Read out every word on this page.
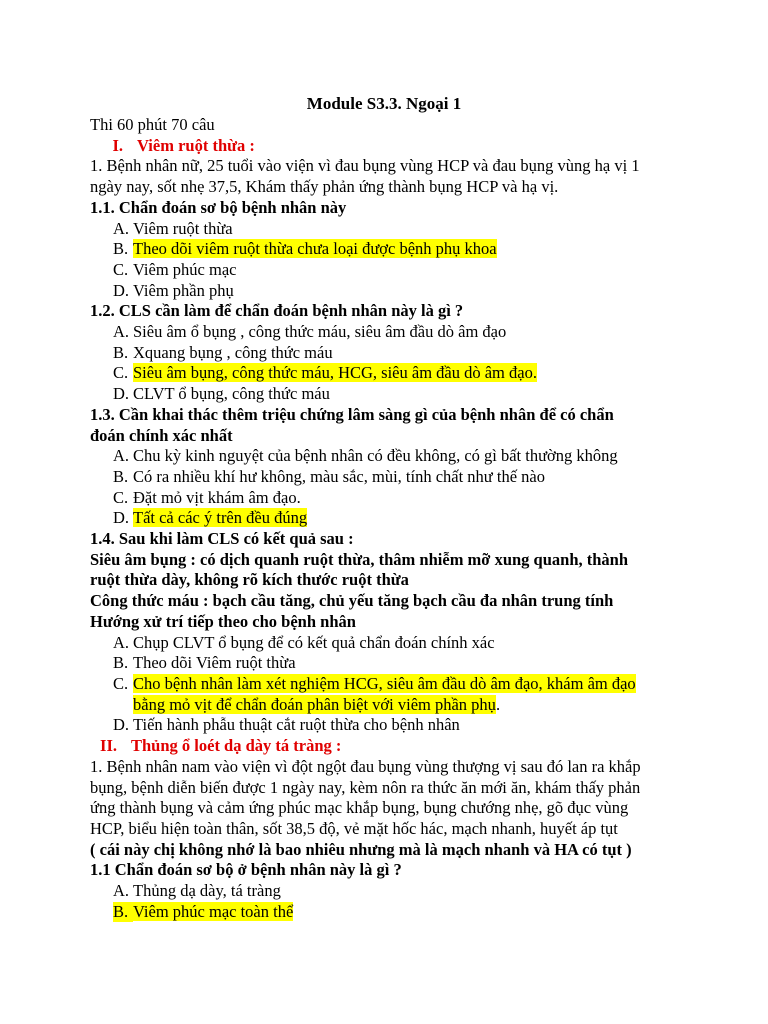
Module S3.3. Ngoại 1

Thi 60 phút 70 câu

I. Viêm ruột thừa :

1. Bệnh nhân nữ, 25 tuổi vào viện vì đau bụng vùng HCP và đau bụng vùng hạ vị 1

ngày nay, sốt nhẹ 37,5, Khám thấy phản ứng thành bụng HCP và hạ vị.

1.1. Chẩn đoán sơ bộ bệnh nhân này

A. Viêm ruột thừa
B. Theo dõi viêm ruột thừa chưa loại được bệnh phụ khoa
C. Viêm phúc mạc
D. Viêm phần phụ

1.2. CLS cần làm để chẩn đoán bệnh nhân này là gì ?

A. Siêu âm ổ bụng , công thức máu, siêu âm đầu dò âm đạo
B. Xquang bụng , công thức máu
C. Siêu âm bụng, công thức máu, HCG, siêu âm đầu dò âm đạo.
D. CLVT ổ bụng, công thức máu

1.3. Cần khai thác thêm triệu chứng lâm sàng gì của bệnh nhân để có chẩn

đoán chính xác nhất

A. Chu kỳ kinh nguyệt của bệnh nhân có đều không, có gì bất thường không
B. Có ra nhiều khí hư không, màu sắc, mùi, tính chất như thế nào
C. Đặt mỏ vịt khám âm đạo.
D. Tất cả các ý trên đều đúng

1.4. Sau khi làm CLS có kết quả sau :

Siêu âm bụng : có dịch quanh ruột thừa, thâm nhiễm mỡ xung quanh, thành

ruột thừa dày, không rõ kích thước ruột thừa

Công thức máu : bạch cầu tăng, chủ yếu tăng bạch cầu đa nhân trung tính

Hướng xử trí tiếp theo cho bệnh nhân

A. Chụp CLVT ổ bụng để có kết quả chẩn đoán chính xác
B. Theo dõi Viêm ruột thừa
C. Cho bệnh nhân làm xét nghiệm HCG, siêu âm đầu dò âm đạo, khám âm đạo
bằng mỏ vịt để chẩn đoán phân biệt với viêm phần phụ.
D. Tiến hành phẫu thuật cắt ruột thừa cho bệnh nhân
II. Thủng ổ loét dạ dày tá tràng :

1. Bệnh nhân nam vào viện vì đột ngột đau bụng vùng thượng vị sau đó lan ra khắp

bụng, bệnh diễn biến được 1 ngày nay, kèm nôn ra thức ăn mới ăn, khám thấy phản

ứng thành bụng và cảm ứng phúc mạc khắp bụng, bụng chướng nhẹ, gõ đục vùng

HCP, biểu hiện toàn thân, sốt 38,5 độ, vẻ mặt hốc hác, mạch nhanh, huyết áp tụt

( cái này chị không nhớ là bao nhiêu nhưng mà là mạch nhanh và HA có tụt )

1.1 Chẩn đoán sơ bộ ở bệnh nhân này là gì ?

A. Thủng dạ dày, tá tràng
B. Viêm phúc mạc toàn thể
